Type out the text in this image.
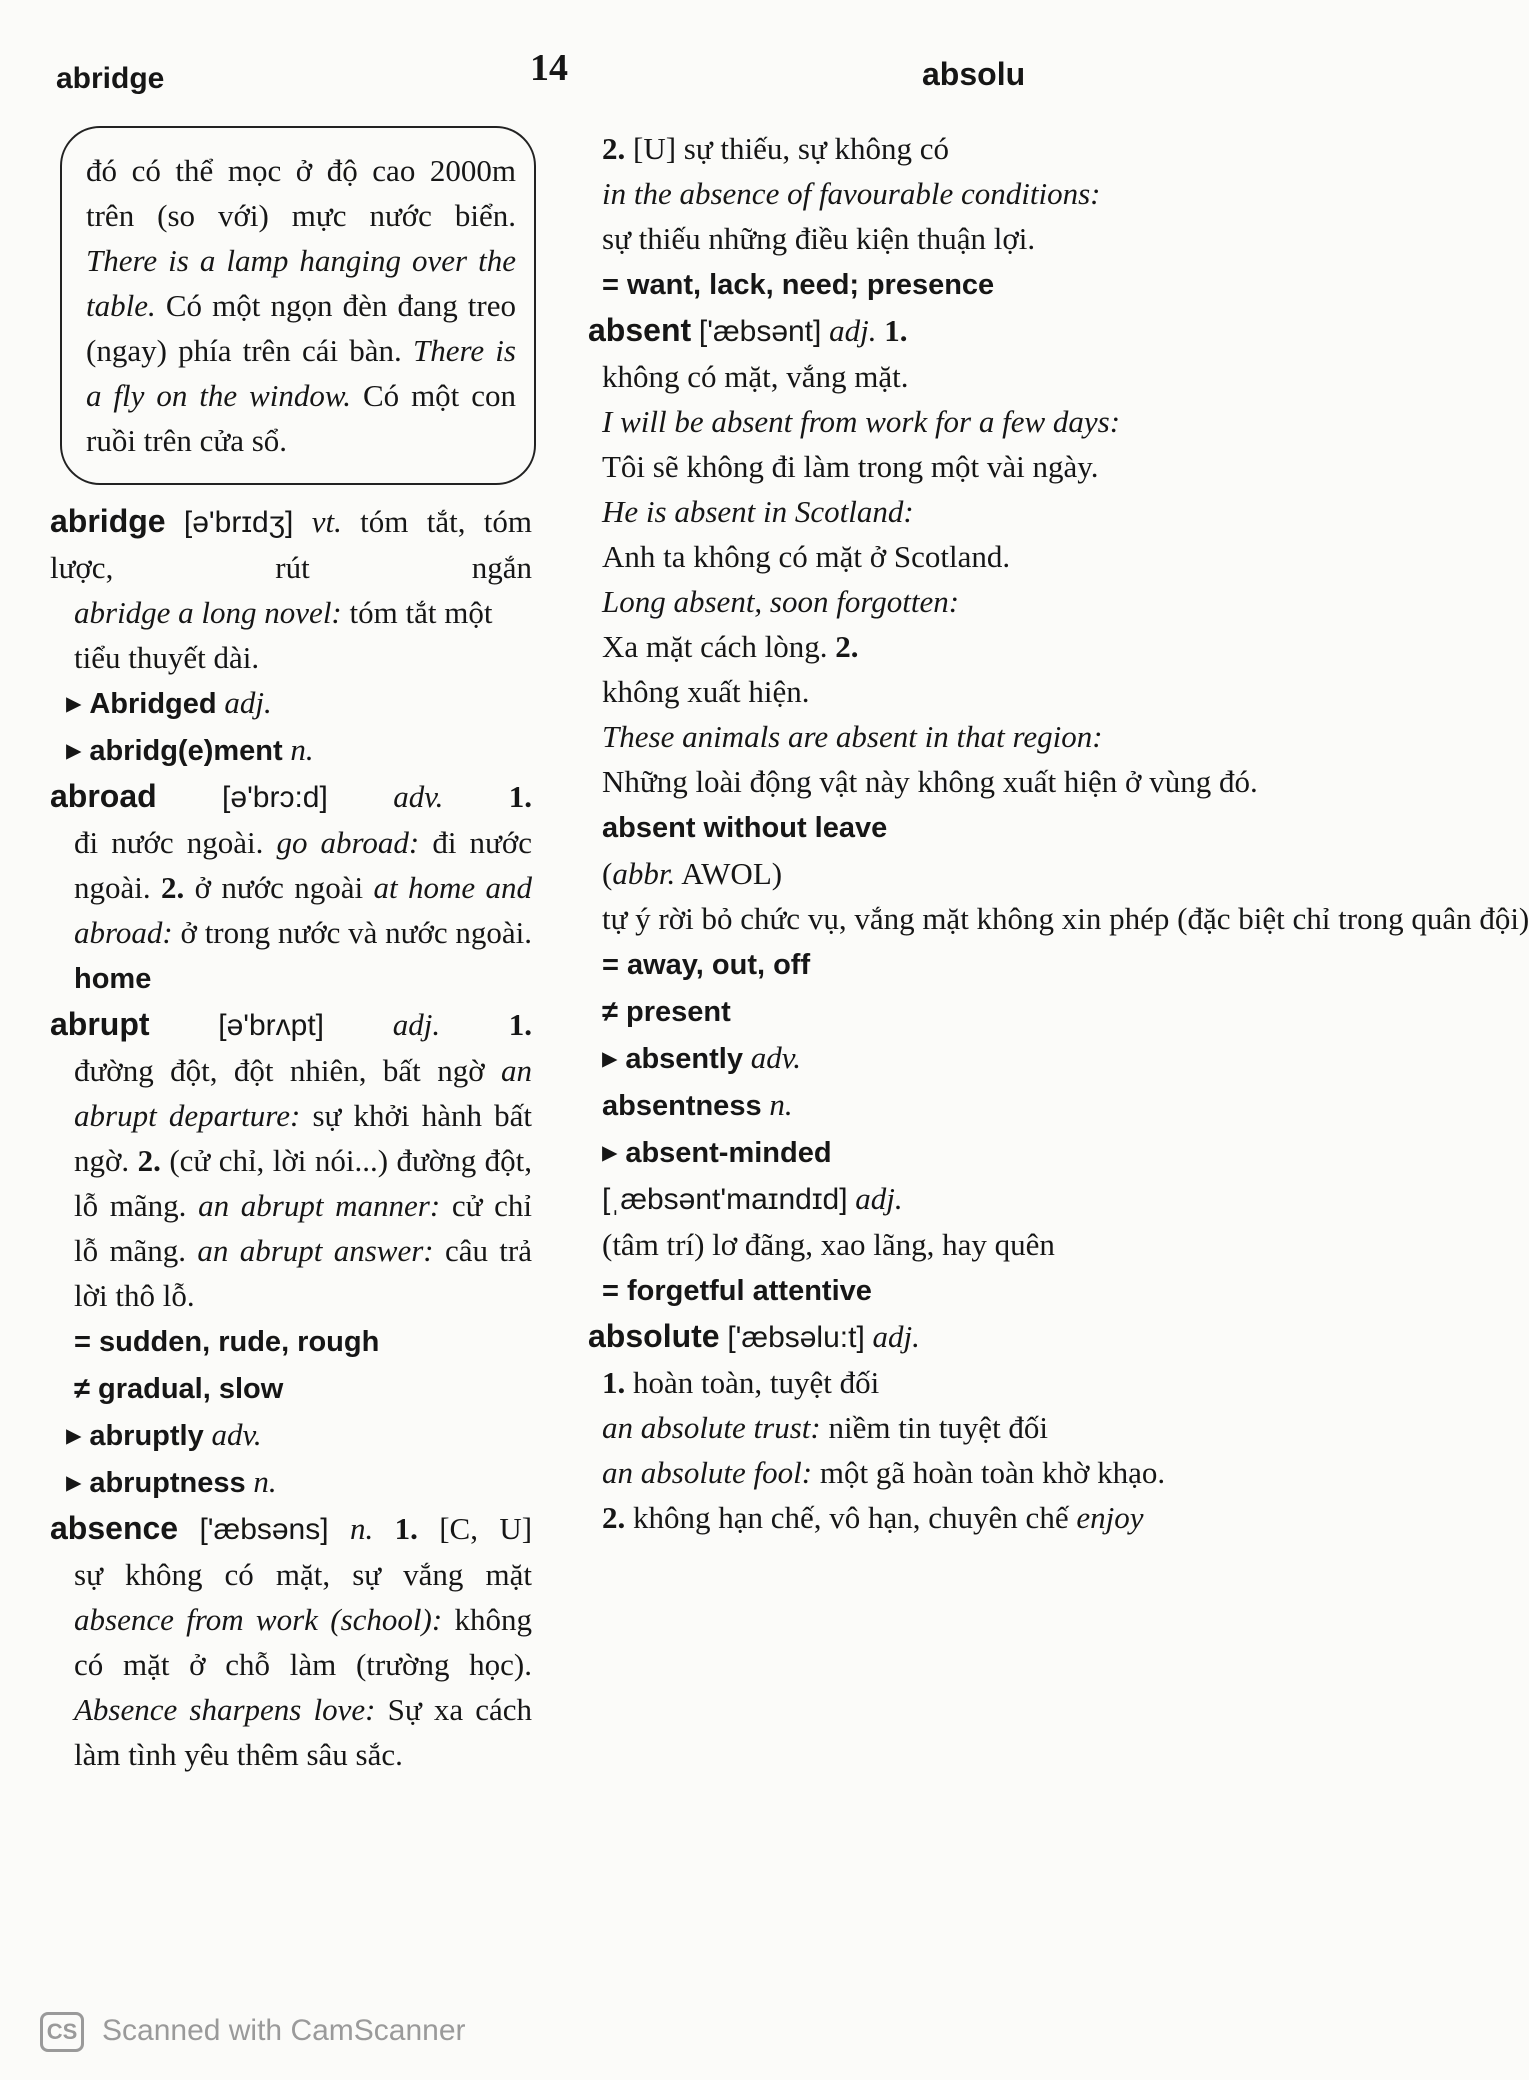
abridge	14	absolu
đó có thể mọc ở độ cao 2000m trên (so với) mực nước biển. There is a lamp hanging over the table. Có một ngọn đèn đang treo (ngay) phía trên cái bàn. There is a fly on the window. Có một con ruồi trên cửa sổ.
abridge [ə'brɪdʒ] vt. tóm tắt, tóm lược, rút ngắn
abridge a long novel: tóm tắt một tiểu thuyết dài.
▸ Abridged adj.
▸ abridg(e)ment n.
abroad [ə'brɔ:d] adv. 1.
đi nước ngoài. go abroad: đi nước ngoài. 2. ở nước ngoài at home and abroad: ở trong nước và nước ngoài. home
abrupt [ə'brʌpt] adj. 1.
đường đột, đột nhiên, bất ngờ an abrupt departure: sự khởi hành bất ngờ. 2. (cử chỉ, lời nói...) đường đột, lỗ mãng. an abrupt manner: cử chỉ lỗ mãng. an abrupt answer: câu trả lời thô lỗ.
= sudden, rude, rough
≠ gradual, slow
▸ abruptly adv.
▸ abruptness n.
absence ['æbsəns] n. 1. [C, U]
sự không có mặt, sự vắng mặt absence from work (school): không có mặt ở chỗ làm (trường học). Absence sharpens love: Sự xa cách làm tình yêu thêm sâu sắc.
2. [U] sự thiếu, sự không có
in the absence of favourable conditions:
sự thiếu những điều kiện thuận lợi.
= want, lack, need; presence
absent ['æbsənt] adj. 1.
không có mặt, vắng mặt.
I will be absent from work for a few days:
Tôi sẽ không đi làm trong một vài ngày.
He is absent in Scotland:
Anh ta không có mặt ở Scotland.
Long absent, soon forgotten:
Xa mặt cách lòng. 2.
không xuất hiện.
These animals are absent in that region:
Những loài động vật này không xuất hiện ở vùng đó.
absent without leave
(abbr. AWOL)
tự ý rời bỏ chức vụ, vắng mặt không xin phép (đặc biệt chỉ trong quân đội)
= away, out, off
≠ present
▸ absently adv.
absentness n.
▸ absent-minded
[ˌæbsənt'maɪndɪd] adj.
(tâm trí) lơ đãng, xao lãng, hay quên
= forgetful attentive
absolute ['æbsəlu:t] adj.
1. hoàn toàn, tuyệt đối
an absolute trust: niềm tin tuyệt đối
an absolute fool: một gã hoàn toàn khờ khạo.
2. không hạn chế, vô hạn, chuyên chế enjoy
CS Scanned with CamScanner
